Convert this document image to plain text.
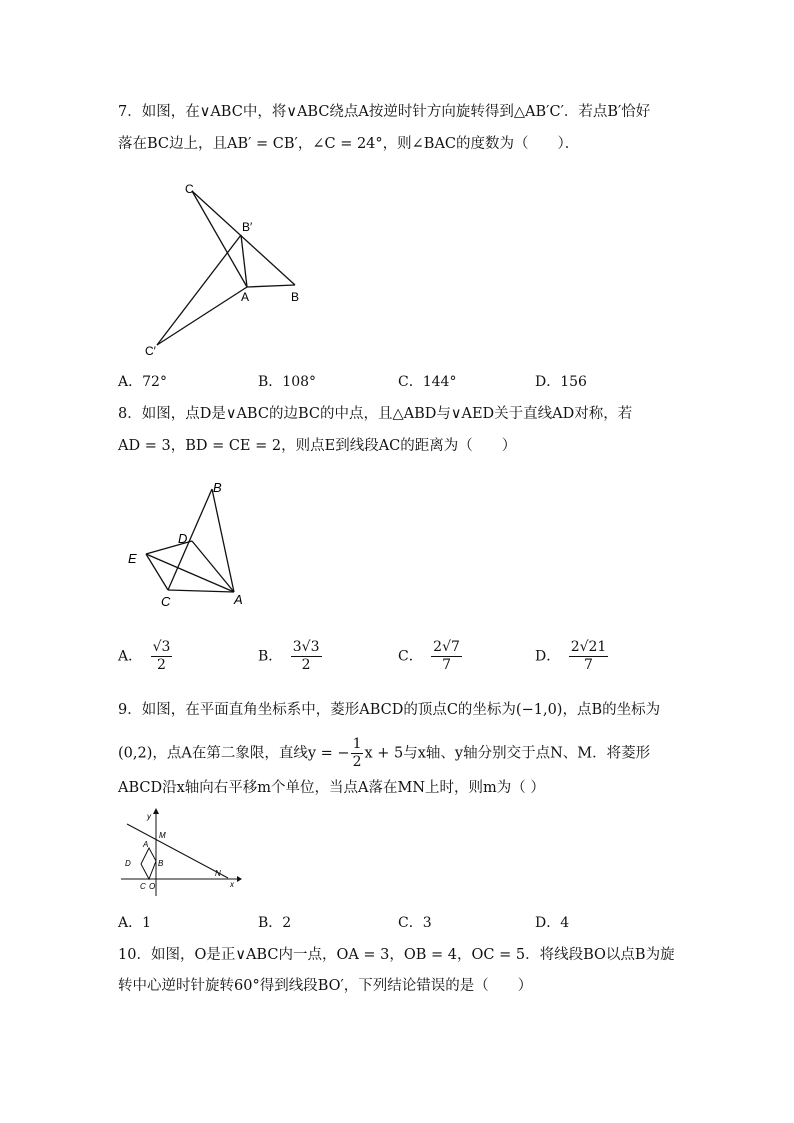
7．如图，在∨ABC中，将∨ABC绕点A按逆时针方向旋转得到△AB′C′．若点B′恰好
落在BC边上，且AB′ = CB′，∠C = 24°，则∠BAC的度数为（　　）．
C
B′
A	B
C′
A．72°	B．108°	C．144°	D．156
8．如图，点D是∨ABC的边BC的中点，且△ABD与∨AED关于直线AD对称，若
AD = 3，BD = CE = 2，则点E到线段AC的距离为（　　）
B
D
E
C	A
A． $\frac{√3}{2}$	B． $\frac{3√3}{2}$	C． $\frac{2√7}{7}$	D． $\frac{2√21}{7}$
9．如图，在平面直角坐标系中，菱形ABCD的顶点C的坐标为(−1,0)，点B的坐标为
(0,2)，点A在第二象限，直线y = − $\frac{1}{2}$ x + 5与x轴、y轴分别交于点N、M．将菱形
ABCD沿x轴向右平移m个单位，当点A落在MN上时，则m为（ ）
y
M
A
D	B
C O
N
x
A．1	B．2	C．3	D．4
10．如图，O是正∨ABC内一点，OA = 3，OB = 4，OC = 5．将线段BO以点B为旋
转中心逆时针旋转60°得到线段BO′，下列结论错误的是（　　）
